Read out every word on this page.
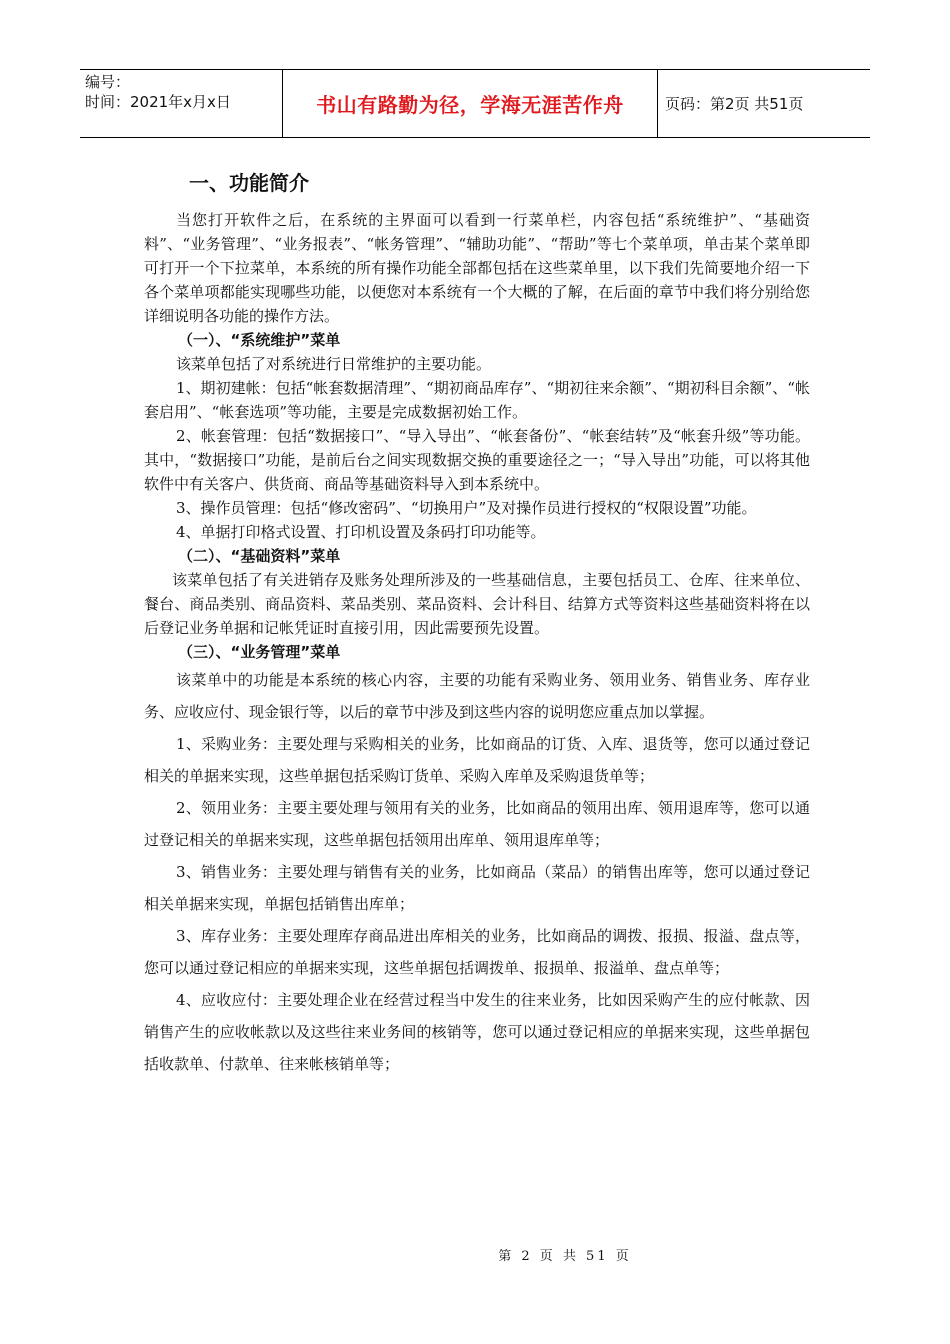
编号：
时间：2021年x月x日	书山有路勤为径，学海无涯苦作舟	页码：第2页 共51页
一、功能简介

当您打开软件之后，在系统的主界面可以看到一行菜单栏，内容包括“系统维护”、“基础资料”、“业务管理”、“业务报表”、“帐务管理”、“辅助功能”、“帮助”等七个菜单项，单击某个菜单即可打开一个下拉菜单，本系统的所有操作功能全部都包括在这些菜单里，以下我们先简要地介绍一下各个菜单项都能实现哪些功能，以便您对本系统有一个大概的了解，在后面的章节中我们将分别给您详细说明各功能的操作方法。

（一）、“系统维护”菜单

该菜单包括了对系统进行日常维护的主要功能。

1、期初建帐：包括“帐套数据清理”、“期初商品库存”、“期初往来余额”、“期初科目余额”、“帐套启用”、“帐套选项”等功能，主要是完成数据初始工作。

2、帐套管理：包括“数据接口”、“导入导出”、“帐套备份”、“帐套结转”及“帐套升级”等功能。其中，“数据接口”功能，是前后台之间实现数据交换的重要途径之一；“导入导出”功能，可以将其他软件中有关客户、供货商、商品等基础资料导入到本系统中。

3、操作员管理：包括“修改密码”、“切换用户”及对操作员进行授权的“权限设置”功能。

4、单据打印格式设置、打印机设置及条码打印功能等。

（二）、“基础资料”菜单

该菜单包括了有关进销存及账务处理所涉及的一些基础信息，主要包括员工、仓库、往来单位、餐台、商品类别、商品资料、菜品类别、菜品资料、会计科目、结算方式等资料这些基础资料将在以后登记业务单据和记帐凭证时直接引用，因此需要预先设置。

（三）、“业务管理”菜单

该菜单中的功能是本系统的核心内容，主要的功能有采购业务、领用业务、销售业务、库存业务、应收应付、现金银行等，以后的章节中涉及到这些内容的说明您应重点加以掌握。

1、采购业务：主要处理与采购相关的业务，比如商品的订货、入库、退货等，您可以通过登记相关的单据来实现，这些单据包括采购订货单、采购入库单及采购退货单等；

2、领用业务：主要主要处理与领用有关的业务，比如商品的领用出库、领用退库等，您可以通过登记相关的单据来实现，这些单据包括领用出库单、领用退库单等；

3、销售业务：主要处理与销售有关的业务，比如商品（菜品）的销售出库等，您可以通过登记相关单据来实现，单据包括销售出库单；

3、库存业务：主要处理库存商品进出库相关的业务，比如商品的调拨、报损、报溢、盘点等，您可以通过登记相应的单据来实现，这些单据包括调拨单、报损单、报溢单、盘点单等；

4、应收应付：主要处理企业在经营过程当中发生的往来业务，比如因采购产生的应付帐款、因销售产生的应收帐款以及这些往来业务间的核销等，您可以通过登记相应的单据来实现，这些单据包括收款单、付款单、往来帐核销单等；

第 2 页 共 51 页
